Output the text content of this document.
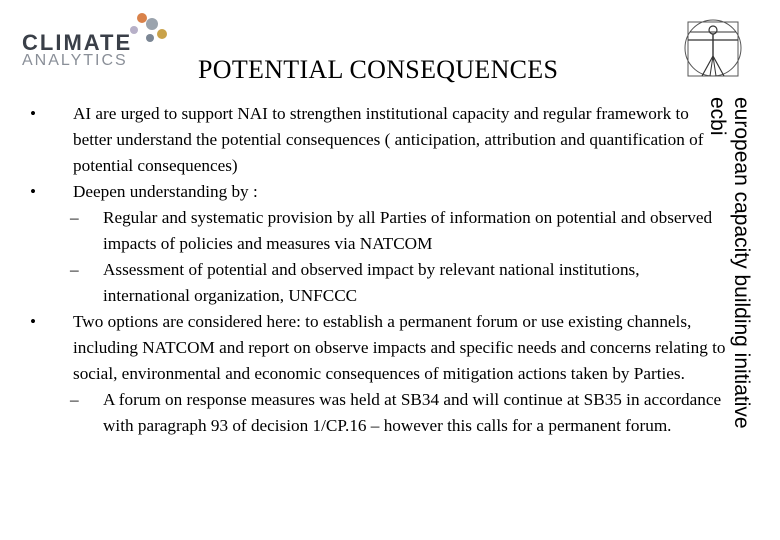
CLIMATE
ANALYTICS	POTENTIAL CONSEQUENCES
european capacity building initiative
ecbi
•	AI are urged to support NAI to strengthen institutional capacity and regular framework to better understand the potential consequences ( anticipation, attribution and quantification of potential consequences)
•	Deepen understanding by :
–	Regular and systematic provision by all Parties of information on potential and observed impacts of policies and measures via NATCOM
–	Assessment of potential and observed impact by relevant national institutions, international organization, UNFCCC
•	Two options are considered here: to establish a permanent forum or use existing channels, including NATCOM and report on observe impacts and specific needs and concerns relating to social, environmental and economic consequences of mitigation actions taken by Parties.
–	A forum on response measures was held at SB34 and will continue at SB35 in accordance with paragraph 93 of decision 1/CP.16 – however this calls for a permanent forum.
